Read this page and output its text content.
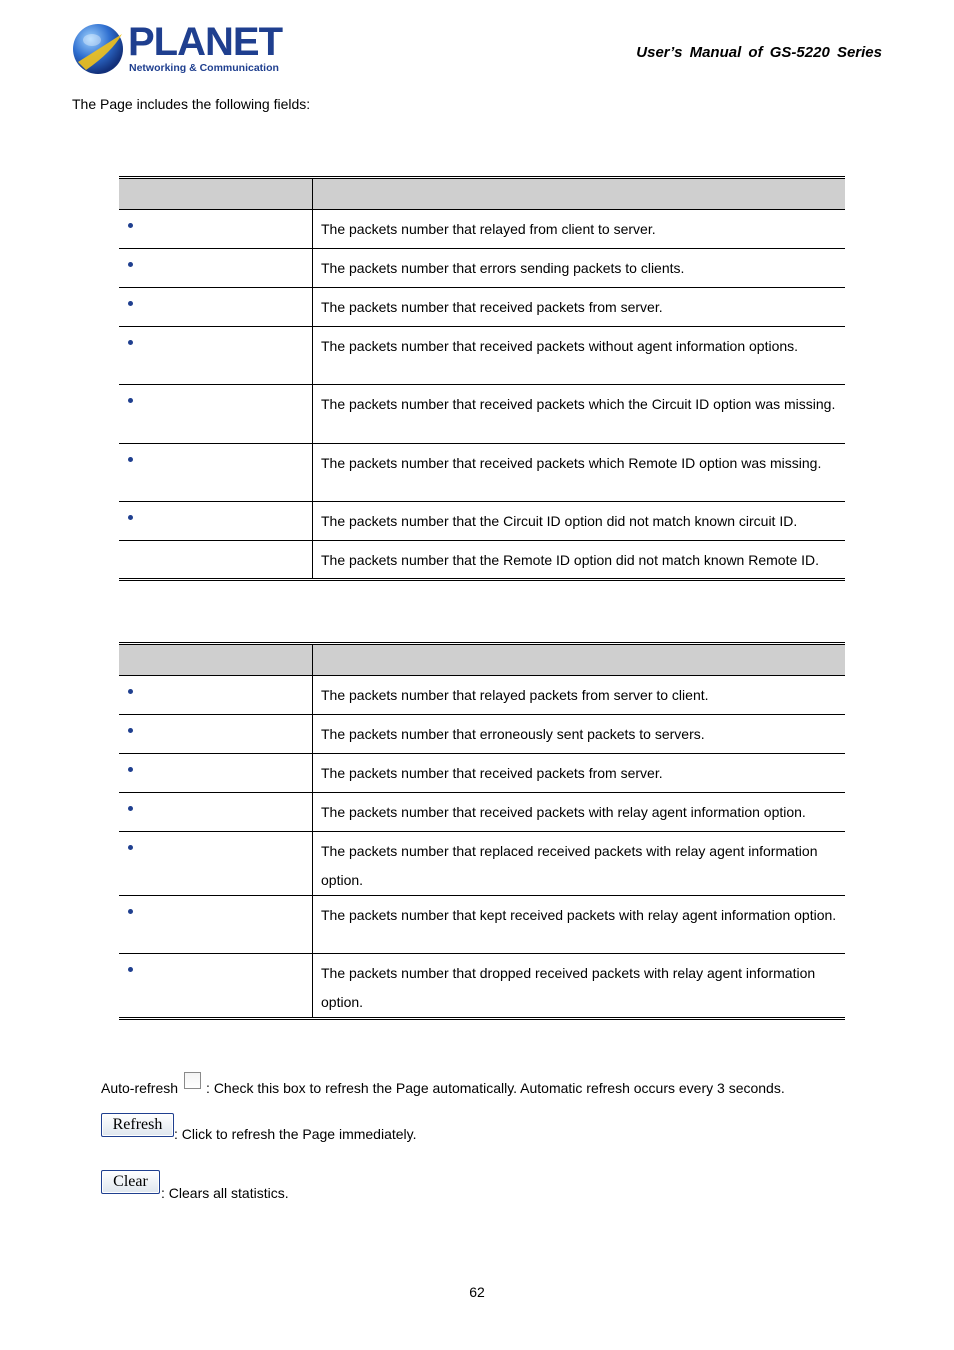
PLANET
Networking & Communication
User’s Manual of GS-5220 Series
The Page includes the following fields:

	The packets number that relayed from client to server.

	The packets number that errors sending packets to clients.

	The packets number that received packets from server.

	The packets number that received packets without agent information options.

	The packets number that received packets which the Circuit ID option was missing.

	The packets number that received packets which Remote ID option was missing.

	The packets number that the Circuit ID option did not match known circuit ID.
	The packets number that the Remote ID option did not match known Remote ID.

	The packets number that relayed packets from server to client.

	The packets number that erroneously sent packets to servers.

	The packets number that received packets from server.

	The packets number that received packets with relay agent information option.

	The packets number that replaced received packets with relay agent information option.

	The packets number that kept received packets with relay agent information option.

	The packets number that dropped received packets with relay agent information option.
Auto-refresh : Check this box to refresh the Page automatically. Automatic refresh occurs every 3 seconds.
Refresh
: Click to refresh the Page immediately.
Clear
: Clears all statistics.
62
